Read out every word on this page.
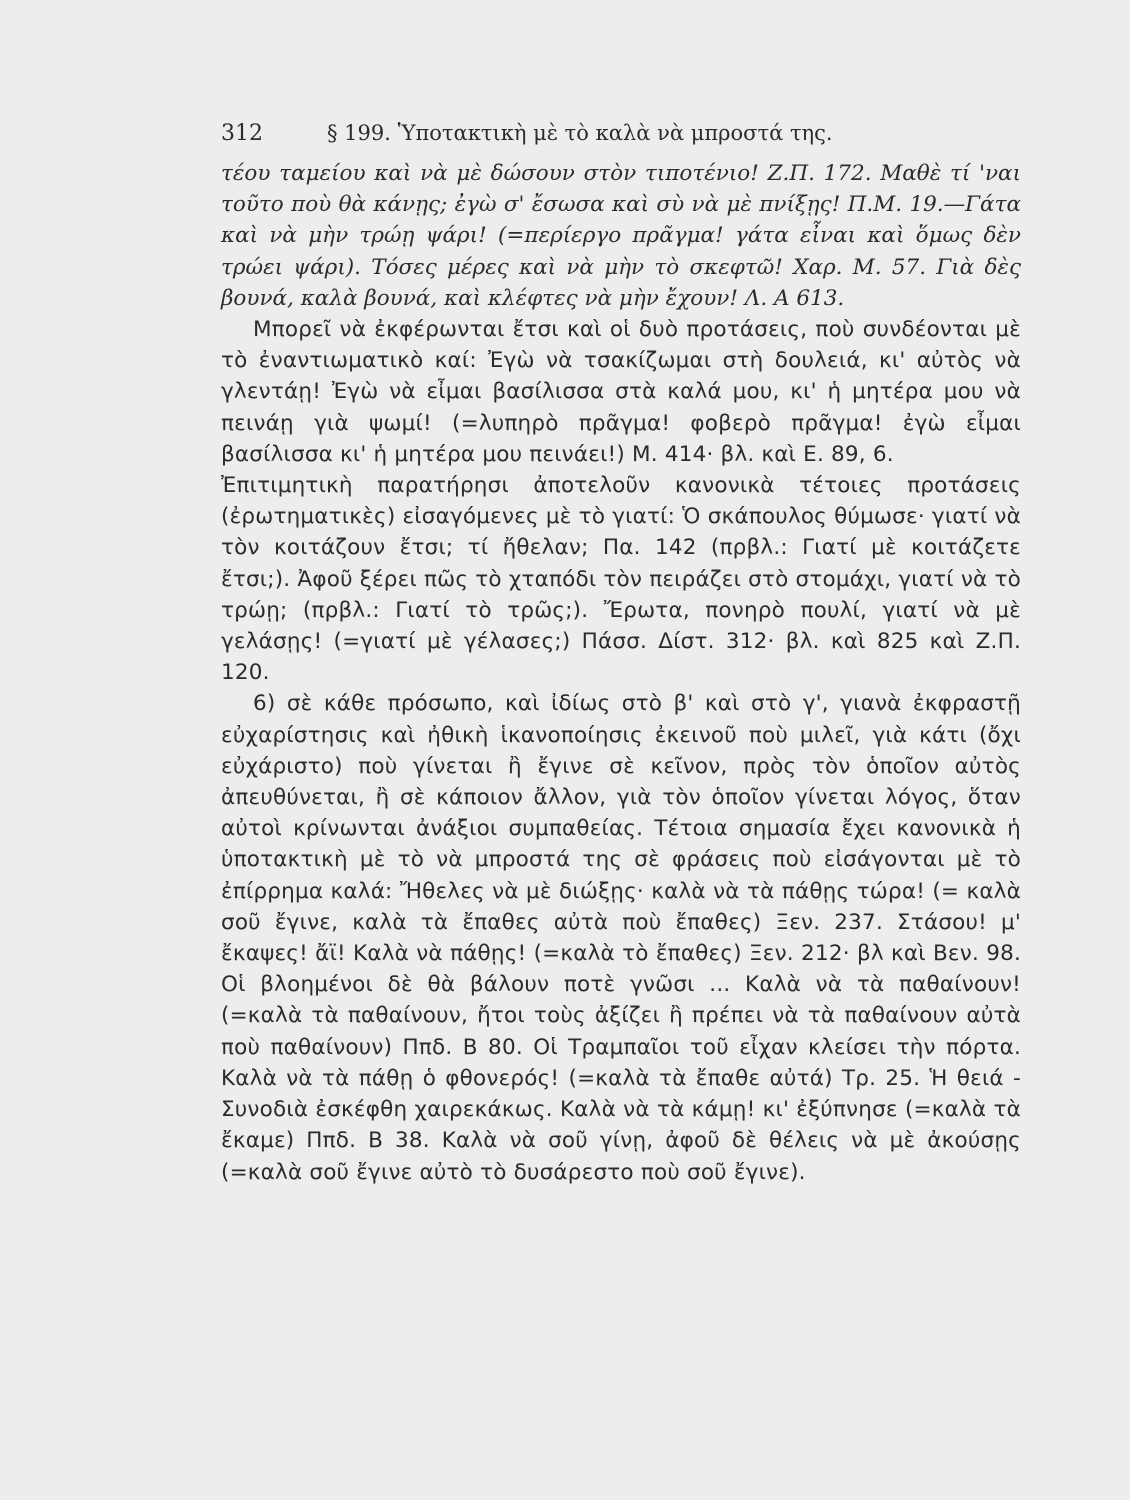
312	§ 199. Ὑποτακτικὴ μὲ τὸ καλὰ νὰ μπροστά της.

τέου ταμείου καὶ νὰ μὲ δώσουν στὸν τιποτένιο! Ζ.Π. 172. Μαθὲ τί 'ναι τοῦτο ποὺ θὰ κάνῃς; ἐγὼ σ' ἔσωσα καὶ σὺ νὰ μὲ πνίξῃς! Π.Μ. 19.—Γάτα καὶ νὰ μὴν τρώῃ ψάρι! (=περίεργο πρᾶγμα! γάτα εἶναι καὶ ὅμως δὲν τρώει ψάρι). Τόσες μέρες καὶ νὰ μὴν τὸ σκεφτῶ! Χαρ. Μ. 57. Γιὰ δὲς βουνά, καλὰ βουνά, καὶ κλέφτες νὰ μὴν ἔχουν! Λ. Α 613.

Μπορεῖ νὰ ἐκφέρωνται ἔτσι καὶ οἱ δυὸ προτάσεις, ποὺ συνδέονται μὲ τὸ ἐναντιωματικὸ καί: Ἐγὼ νὰ τσακίζωμαι στὴ δουλειά, κι' αὐτὸς νὰ γλεντάῃ! Ἐγὼ νὰ εἶμαι βασίλισσα στὰ καλά μου, κι' ἡ μητέρα μου νὰ πεινάῃ γιὰ ψωμί! (=λυπηρὸ πρᾶγμα! φοβερὸ πρᾶγμα! ἐγὼ εἶμαι βασίλισσα κι' ἡ μητέρα μου πεινάει!) Μ. 414· βλ. καὶ Ε. 89, 6.

Ἐπιτιμητικὴ παρατήρησι ἀποτελοῦν κανονικὰ τέτοιες προτάσεις (ἐρωτηματικὲς) εἰσαγόμενες μὲ τὸ γιατί: Ὁ σκάπουλος θύμωσε· γιατί νὰ τὸν κοιτάζουν ἔτσι; τί ἤθελαν; Πα. 142 (πρβλ.: Γιατί μὲ κοιτάζετε ἔτσι;). Ἀφοῦ ξέρει πῶς τὸ χταπόδι τὸν πειράζει στὸ στομάχι, γιατί νὰ τὸ τρώῃ; (πρβλ.: Γιατί τὸ τρῶς;). Ἔρωτα, πονηρὸ πουλί, γιατί νὰ μὲ γελάσῃς! (=γιατί μὲ γέλασες;) Πάσσ. Δίστ. 312· βλ. καὶ 825 καὶ Ζ.Π. 120.

6) σὲ κάθε πρόσωπο, καὶ ἰδίως στὸ β' καὶ στὸ γ', γιανὰ ἐκφραστῇ εὐχαρίστησις καὶ ἠθικὴ ἱκανοποίησις ἐκεινοῦ ποὺ μιλεῖ, γιὰ κάτι (ὄχι εὐχάριστο) ποὺ γίνεται ἢ ἔγινε σὲ κεῖνον, πρὸς τὸν ὁποῖον αὐτὸς ἀπευθύνεται, ἢ σὲ κάποιον ἄλλον, γιὰ τὸν ὁποῖον γίνεται λόγος, ὅταν αὐτοὶ κρίνωνται ἀνάξιοι συμπαθείας. Τέτοια σημασία ἔχει κανονικὰ ἡ ὑποτακτικὴ μὲ τὸ νὰ μπροστά της σὲ φράσεις ποὺ εἰσάγονται μὲ τὸ ἐπίρρημα καλά: Ἤθελες νὰ μὲ διώξῃς· καλὰ νὰ τὰ πάθῃς τώρα! (= καλὰ σοῦ ἔγινε, καλὰ τὰ ἔπαθες αὐτὰ ποὺ ἔπαθες) Ξεν. 237. Στάσου! μ' ἔκαψες! ἄϊ! Καλὰ νὰ πάθῃς! (=καλὰ τὸ ἔπαθες) Ξεν. 212· βλ καὶ Βεν. 98. Οἱ βλοημένοι δὲ θὰ βάλουν ποτὲ γνῶσι ... Καλὰ νὰ τὰ παθαίνουν! (=καλὰ τὰ παθαίνουν, ἤτοι τοὺς ἀξίζει ἢ πρέπει νὰ τὰ παθαίνουν αὐτὰ ποὺ παθαίνουν) Ππδ. Β 80. Οἱ Τραμπαῖοι τοῦ εἶχαν κλείσει τὴν πόρτα. Καλὰ νὰ τὰ πάθῃ ὁ φθονερός! (=καλὰ τὰ ἔπαθε αὐτά) Τρ. 25. Ἡ θειά - Συνοδιὰ ἐσκέφθη χαιρεκάκως. Καλὰ νὰ τὰ κάμῃ! κι' ἐξύπνησε (=καλὰ τὰ ἔκαμε) Ππδ. Β 38. Καλὰ νὰ σοῦ γίνῃ, ἀφοῦ δὲ θέλεις νὰ μὲ ἀκούσῃς (=καλὰ σοῦ ἔγινε αὐτὸ τὸ δυσάρεστο ποὺ σοῦ ἔγινε).
